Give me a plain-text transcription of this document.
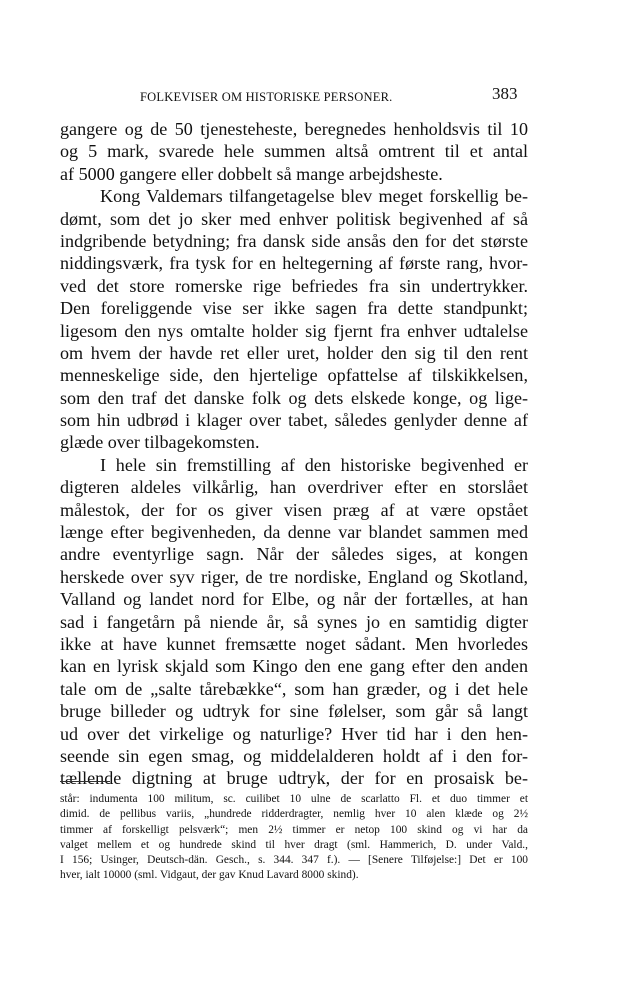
FOLKEVISER OM HISTORISKE PERSONER.	383
gangere og de 50 tjenesteheste, beregnedes henholdsvis til 10
og 5 mark, svarede hele summen altså omtrent til et antal
af 5000 gangere eller dobbelt så mange arbejdsheste.
Kong Valdemars tilfangetagelse blev meget forskellig be-
dømt, som det jo sker med enhver politisk begivenhed af så
indgribende betydning; fra dansk side ansås den for det største
niddingsværk, fra tysk for en heltegerning af første rang, hvor-
ved det store romerske rige befriedes fra sin undertrykker.
Den foreliggende vise ser ikke sagen fra dette standpunkt;
ligesom den nys omtalte holder sig fjernt fra enhver udtalelse
om hvem der havde ret eller uret, holder den sig til den rent
menneskelige side, den hjertelige opfattelse af tilskikkelsen,
som den traf det danske folk og dets elskede konge, og lige-
som hin udbrød i klager over tabet, således genlyder denne af
glæde over tilbagekomsten.
I hele sin fremstilling af den historiske begivenhed er
digteren aldeles vilkårlig, han overdriver efter en storslået
målestok, der for os giver visen præg af at være opstået
længe efter begivenheden, da denne var blandet sammen med
andre eventyrlige sagn. Når der således siges, at kongen
herskede over syv riger, de tre nordiske, England og Skotland,
Valland og landet nord for Elbe, og når der fortælles, at han
sad i fangetårn på niende år, så synes jo en samtidig digter
ikke at have kunnet fremsætte noget sådant. Men hvorledes
kan en lyrisk skjald som Kingo den ene gang efter den anden
tale om de „salte tårebække“, som han græder, og i det hele
bruge billeder og udtryk for sine følelser, som går så langt
ud over det virkelige og naturlige? Hver tid har i den hen-
seende sin egen smag, og middelalderen holdt af i den for-
tællende digtning at bruge udtryk, der for en prosaisk be-
står: indumenta 100 militum, sc. cuilibet 10 ulne de scarlatto Fl. et duo timmer et
dimid. de pellibus variis, „hundrede ridderdragter, nemlig hver 10 alen klæde og 2½
timmer af forskelligt pelsværk“; men 2½ timmer er netop 100 skind og vi har da
valget mellem et og hundrede skind til hver dragt (sml. Hammerich, D. under Vald.,
I 156; Usinger, Deutsch-dän. Gesch., s. 344. 347 f.). — [Senere Tilføjelse:] Det er 100
hver, ialt 10000 (sml. Vidgaut, der gav Knud Lavard 8000 skind).
